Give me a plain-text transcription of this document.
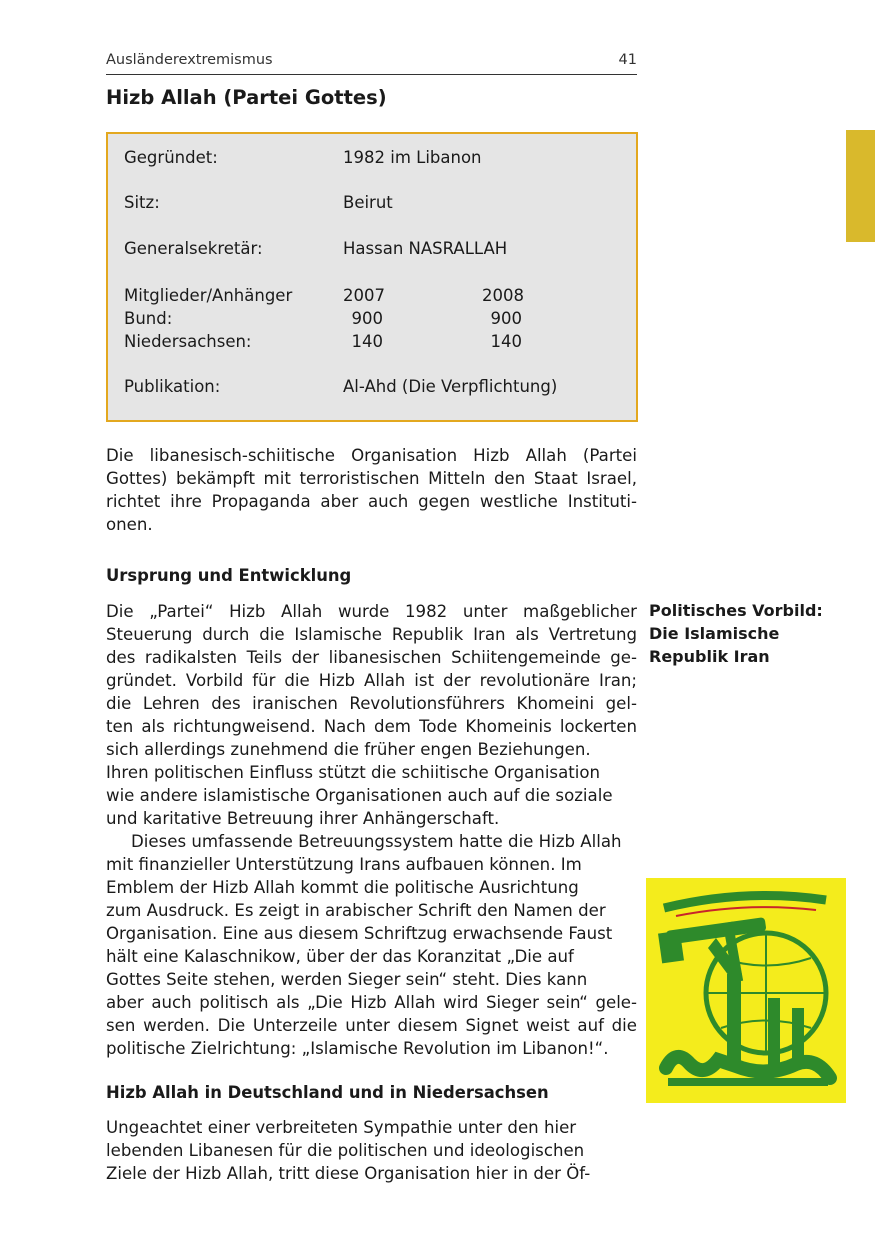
Ausländerextremismus	41
Hizb Allah (Partei Gottes)
Gegründet:	1982 im Libanon
Sitz:	Beirut
Generalsekretär:	Hassan NASRALLAH
Mitglieder/Anhänger	2007	2008
Bund:	900	900
Niedersachsen:	140	140
Publikation:	Al-Ahd (Die Verpflichtung)

Die libanesisch-schiitische Organisation Hizb Allah (Partei
Gottes) bekämpft mit terroristischen Mitteln den Staat Israel,
richtet ihre Propaganda aber auch gegen westliche Instituti-
onen.

Ursprung und Entwicklung

Die „Partei“ Hizb Allah wurde 1982 unter maßgeblicher
Steuerung durch die Islamische Republik Iran als Vertretung
des radikalsten Teils der libanesischen Schiitengemeinde ge-
gründet. Vorbild für die Hizb Allah ist der revolutionäre Iran;
die Lehren des iranischen Revolutionsführers Khomeini gel-
ten als richtungweisend. Nach dem Tode Khomeinis lockerten
sich allerdings zunehmend die früher engen Beziehungen.
Ihren politischen Einfluss stützt die schiitische Organisation
wie andere islamistische Organisationen auch auf die soziale
und karitative Betreuung ihrer Anhängerschaft.
Dieses umfassende Betreuungssystem hatte die Hizb Allah
mit finanzieller Unterstützung Irans aufbauen können. Im
Emblem der Hizb Allah kommt die politische Ausrichtung
zum Ausdruck. Es zeigt in arabischer Schrift den Namen der
Organisation. Eine aus diesem Schriftzug erwachsende Faust
hält eine Kalaschnikow, über der das Koranzitat „Die auf
Gottes Seite stehen, werden Sieger sein“ steht. Dies kann
aber auch politisch als „Die Hizb Allah wird Sieger sein“ gele-
sen werden. Die Unterzeile unter diesem Signet weist auf die
politische Zielrichtung: „Islamische Revolution im Libanon!“.

Politisches Vorbild:
Die Islamische
Republik Iran
Hizb Allah in Deutschland und in Niedersachsen

Ungeachtet einer verbreiteten Sympathie unter den hier
lebenden Libanesen für die politischen und ideologischen
Ziele der Hizb Allah, tritt diese Organisation hier in der Öf-
